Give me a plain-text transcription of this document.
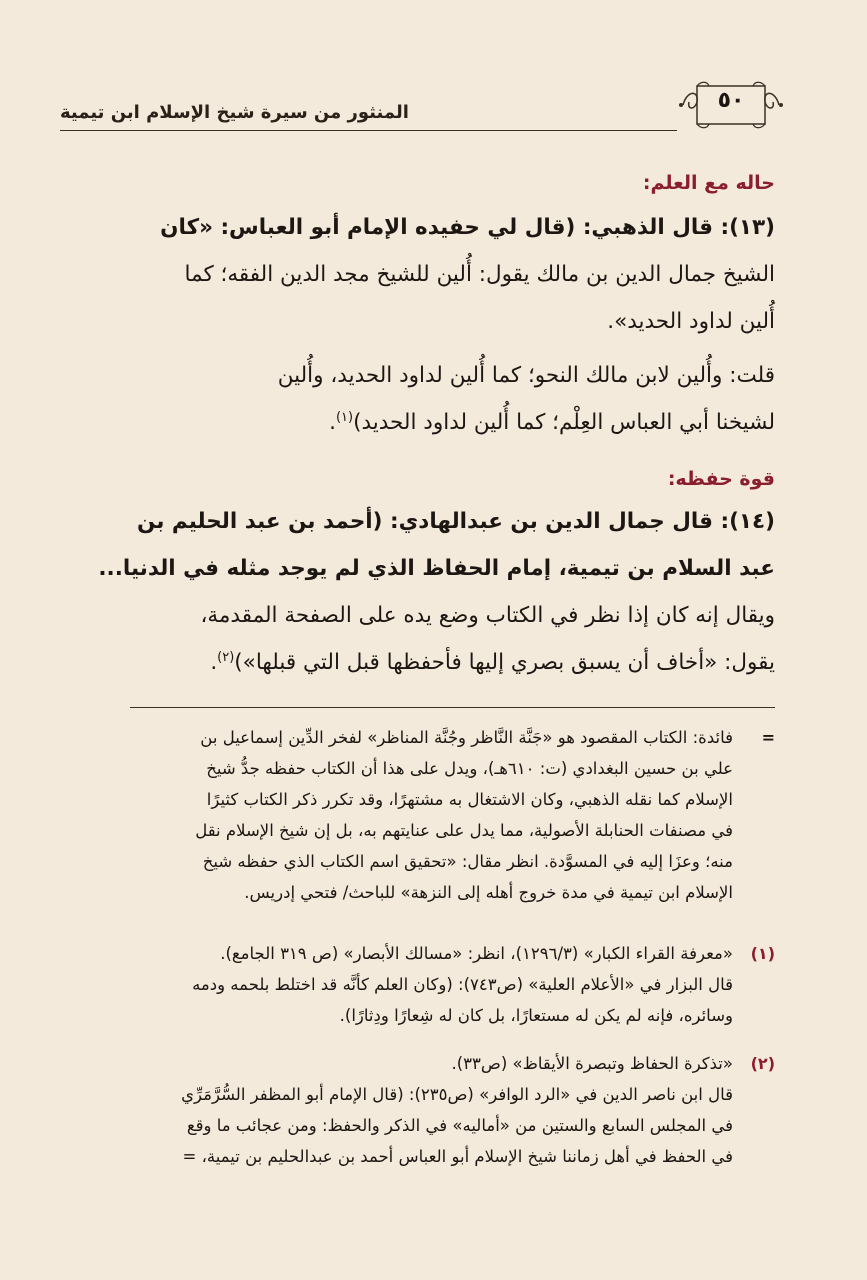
المنثور من سيرة شيخ الإسلام ابن تيمية	٥٠
حاله مع العلم:
(١٣): قال الذهبي: (قال لي حفيده الإمام أبو العباس: «كان
الشيخ جمال الدين بن مالك يقول: أُلين للشيخ مجد الدين الفقه؛ كما
أُلين لداود الحديد».
قلت: وأُلين لابن مالك النحو؛ كما أُلين لداود الحديد، وأُلين
لشيخنا أبي العباس العِلْم؛ كما أُلين لداود الحديد)$^{(١)}$.
قوة حفظه:
(١٤): قال جمال الدين بن عبدالهادي: (أحمد بن عبد الحليم بن
عبد السلام بن تيمية، إمام الحفاظ الذي لم يوجد مثله في الدنيا...
ويقال إنه كان إذا نظر في الكتاب وضع يده على الصفحة المقدمة،
يقول: «أخاف أن يسبق بصري إليها فأحفظها قبل التي قبلها»)$^{(٢)}$.
=
فائدة: الكتاب المقصود هو «جَنَّة النَّاظر وجُنَّة المناظر» لفخر الدِّين إسماعيل بن
علي بن حسين البغدادي (ت: ٦١٠هـ)، ويدل على هذا أن الكتاب حفظه جدُّ شيخ
الإسلام كما نقله الذهبي، وكان الاشتغال به مشتهرًا، وقد تكرر ذكر الكتاب كثيرًا
في مصنفات الحنابلة الأصولية، مما يدل على عنايتهم به، بل إن شيخ الإسلام نقل
منه؛ وعزَا إليه في المسوَّدة. انظر مقال: «تحقيق اسم الكتاب الذي حفظه شيخ
الإسلام ابن تيمية في مدة خروج أهله إلى النزهة» للباحث/ فتحي إدريس.
(١)
«معرفة القراء الكبار» (١٢٩٦/٣)، انظر: «مسالك الأبصار» (ص ٣١٩ الجامع).
قال البزار في «الأعلام العلية» (ص٧٤٣): (وكان العلم كأنَّه قد اختلط بلحمه ودمه
وسائره، فإنه لم يكن له مستعارًا، بل كان له شِعارًا ودِثارًا).
(٢)
«تذكرة الحفاظ وتبصرة الأيقاظ» (ص٣٣).
قال ابن ناصر الدين في «الرد الوافر» (ص٢٣٥): (قال الإمام أبو المظفر السُّرَّمَرِّي
في المجلس السابع والستين من «أماليه» في الذكر والحفظ: ومن عجائب ما وقع
في الحفظ في أهل زماننا شيخ الإسلام أبو العباس أحمد بن عبدالحليم بن تيمية، =
